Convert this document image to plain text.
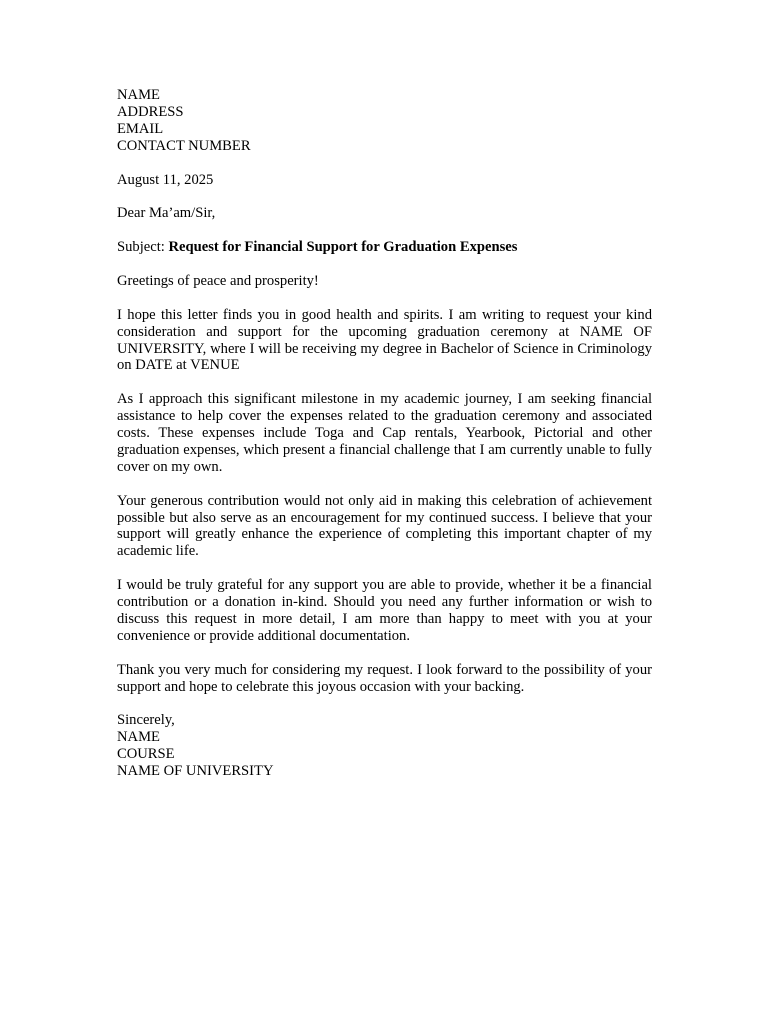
NAME
ADDRESS
EMAIL
CONTACT NUMBER
August 11, 2025
Dear Ma’am/Sir,
Subject: Request for Financial Support for Graduation Expenses
Greetings of peace and prosperity!

I hope this letter finds you in good health and spirits. I am writing to request your kind consideration and support for the upcoming graduation ceremony at NAME OF UNIVERSITY, where I will be receiving my degree in Bachelor of Science in Criminology on DATE at VENUE

As I approach this significant milestone in my academic journey, I am seeking financial assistance to help cover the expenses related to the graduation ceremony and associated costs. These expenses include Toga and Cap rentals, Yearbook, Pictorial and other graduation expenses, which present a financial challenge that I am currently unable to fully cover on my own.

Your generous contribution would not only aid in making this celebration of achievement possible but also serve as an encouragement for my continued success. I believe that your support will greatly enhance the experience of completing this important chapter of my academic life.

I would be truly grateful for any support you are able to provide, whether it be a financial contribution or a donation in-kind. Should you need any further information or wish to discuss this request in more detail, I am more than happy to meet with you at your convenience or provide additional documentation.

Thank you very much for considering my request. I look forward to the possibility of your support and hope to celebrate this joyous occasion with your backing.

Sincerely,
NAME
COURSE
NAME OF UNIVERSITY
